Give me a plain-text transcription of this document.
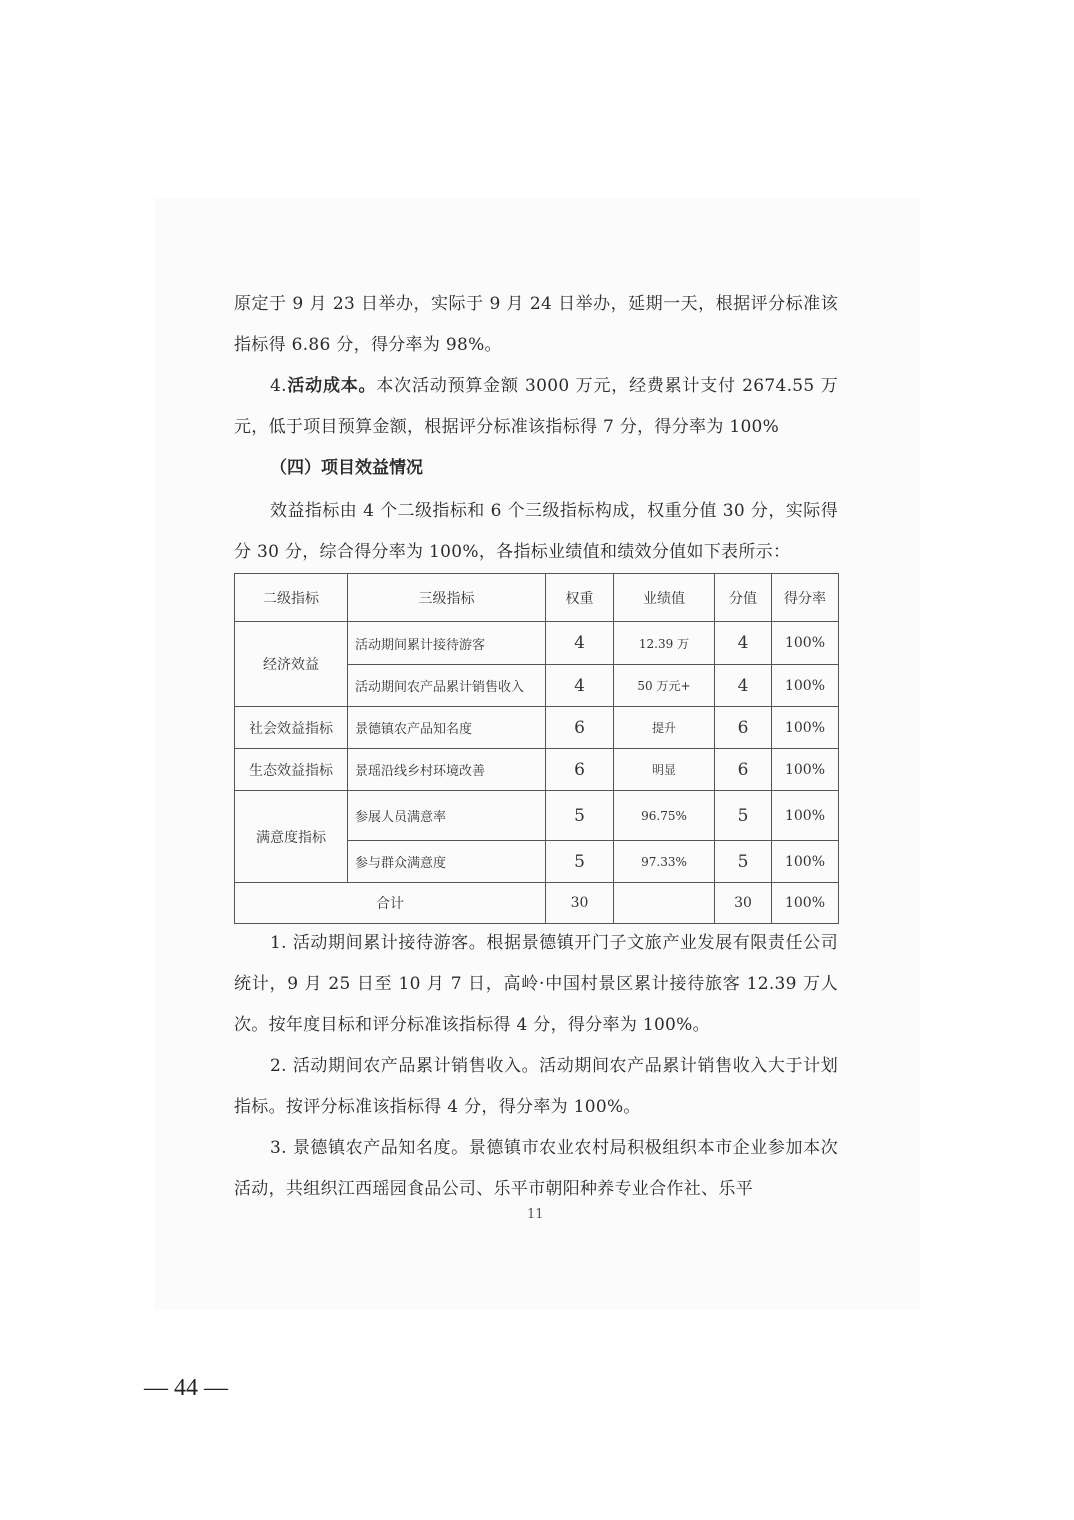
原定于 9 月 23 日举办，实际于 9 月 24 日举办，延期一天，根据评分标准该指标得 6.86 分，得分率为 98%。

4.活动成本。本次活动预算金额 3000 万元，经费累计支付 2674.55 万元，低于项目预算金额，根据评分标准该指标得 7 分，得分率为 100%

（四）项目效益情况

效益指标由 4 个二级指标和 6 个三级指标构成，权重分值 30 分，实际得分 30 分，综合得分率为 100%，各指标业绩值和绩效分值如下表所示：

二级指标	三级指标	权重	业绩值	分值	得分率
经济效益	活动期间累计接待游客	4	12.39 万	4	100%
	活动期间农产品累计销售收入	4	50 万元+	4	100%
社会效益指标	景德镇农产品知名度	6	提升	6	100%
生态效益指标	景瑶沿线乡村环境改善	6	明显	6	100%
满意度指标	参展人员满意率	5	96.75%	5	100%
	参与群众满意度	5	97.33%	5	100%
合计		30		30	100%

1. 活动期间累计接待游客。根据景德镇开门子文旅产业发展有限责任公司统计，9 月 25 日至 10 月 7 日，高岭·中国村景区累计接待旅客 12.39 万人次。按年度目标和评分标准该指标得 4 分，得分率为 100%。

2. 活动期间农产品累计销售收入。活动期间农产品累计销售收入大于计划指标。按评分标准该指标得 4 分，得分率为 100%。

3. 景德镇农产品知名度。景德镇市农业农村局积极组织本市企业参加本次活动，共组织江西瑶园食品公司、乐平市朝阳种养专业合作社、乐平

11
— 44 —
